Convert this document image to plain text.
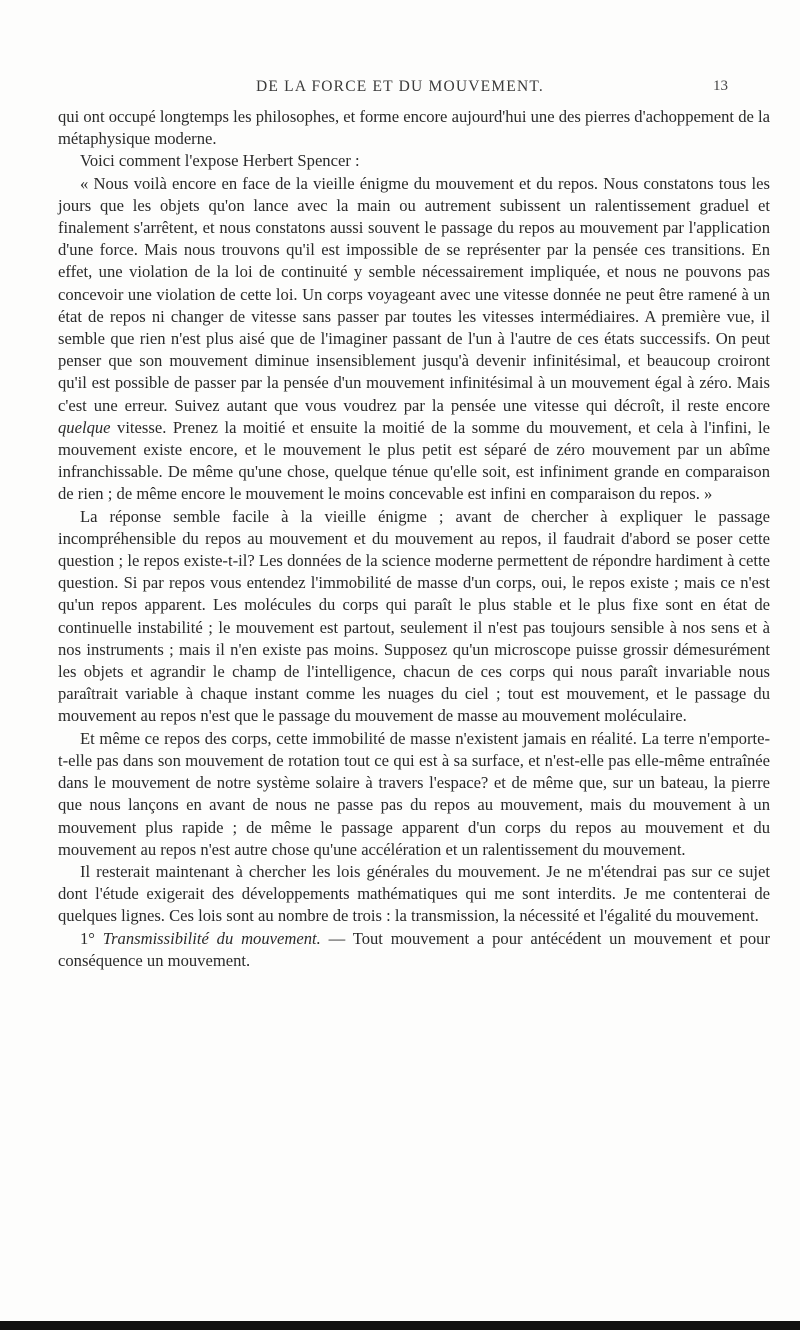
DE LA FORCE ET DU MOUVEMENT.	13

qui ont occupé longtemps les philosophes, et forme encore aujourd'hui une des pierres d'achoppement de la métaphysique moderne.

Voici comment l'expose Herbert Spencer :

« Nous voilà encore en face de la vieille énigme du mouvement et du repos. Nous constatons tous les jours que les objets qu'on lance avec la main ou autrement subissent un ralentissement graduel et finalement s'arrêtent, et nous constatons aussi souvent le passage du repos au mouvement par l'application d'une force. Mais nous trouvons qu'il est impossible de se représenter par la pensée ces transitions. En effet, une violation de la loi de continuité y semble nécessairement impliquée, et nous ne pouvons pas concevoir une violation de cette loi. Un corps voyageant avec une vitesse donnée ne peut être ramené à un état de repos ni changer de vitesse sans passer par toutes les vitesses intermédiaires. A première vue, il semble que rien n'est plus aisé que de l'imaginer passant de l'un à l'autre de ces états successifs. On peut penser que son mouvement diminue insensiblement jusqu'à devenir infinitésimal, et beaucoup croiront qu'il est possible de passer par la pensée d'un mouvement infinitésimal à un mouvement égal à zéro. Mais c'est une erreur. Suivez autant que vous voudrez par la pensée une vitesse qui décroît, il reste encore quelque vitesse. Prenez la moitié et ensuite la moitié de la somme du mouvement, et cela à l'infini, le mouvement existe encore, et le mouvement le plus petit est séparé de zéro mouvement par un abîme infranchissable. De même qu'une chose, quelque ténue qu'elle soit, est infiniment grande en comparaison de rien ; de même encore le mouvement le moins concevable est infini en comparaison du repos. »

La réponse semble facile à la vieille énigme ; avant de chercher à expliquer le passage incompréhensible du repos au mouvement et du mouvement au repos, il faudrait d'abord se poser cette question ; le repos existe-t-il? Les données de la science moderne permettent de répondre hardiment à cette question. Si par repos vous entendez l'immobilité de masse d'un corps, oui, le repos existe ; mais ce n'est qu'un repos apparent. Les molécules du corps qui paraît le plus stable et le plus fixe sont en état de continuelle instabilité ; le mouvement est partout, seulement il n'est pas toujours sensible à nos sens et à nos instruments ; mais il n'en existe pas moins. Supposez qu'un microscope puisse grossir démesurément les objets et agrandir le champ de l'intelligence, chacun de ces corps qui nous paraît invariable nous paraîtrait variable à chaque instant comme les nuages du ciel ; tout est mouvement, et le passage du mouvement au repos n'est que le passage du mouvement de masse au mouvement moléculaire.

Et même ce repos des corps, cette immobilité de masse n'existent jamais en réalité. La terre n'emporte-t-elle pas dans son mouvement de rotation tout ce qui est à sa surface, et n'est-elle pas elle-même entraînée dans le mouvement de notre système solaire à travers l'espace? et de même que, sur un bateau, la pierre que nous lançons en avant de nous ne passe pas du repos au mouvement, mais du mouvement à un mouvement plus rapide ; de même le passage apparent d'un corps du repos au mouvement et du mouvement au repos n'est autre chose qu'une accélération et un ralentissement du mouvement.

Il resterait maintenant à chercher les lois générales du mouvement. Je ne m'étendrai pas sur ce sujet dont l'étude exigerait des développements mathématiques qui me sont interdits. Je me contenterai de quelques lignes. Ces lois sont au nombre de trois : la transmission, la nécessité et l'égalité du mouvement.

1° Transmissibilité du mouvement. — Tout mouvement a pour antécédent un mouvement et pour conséquence un mouvement.
